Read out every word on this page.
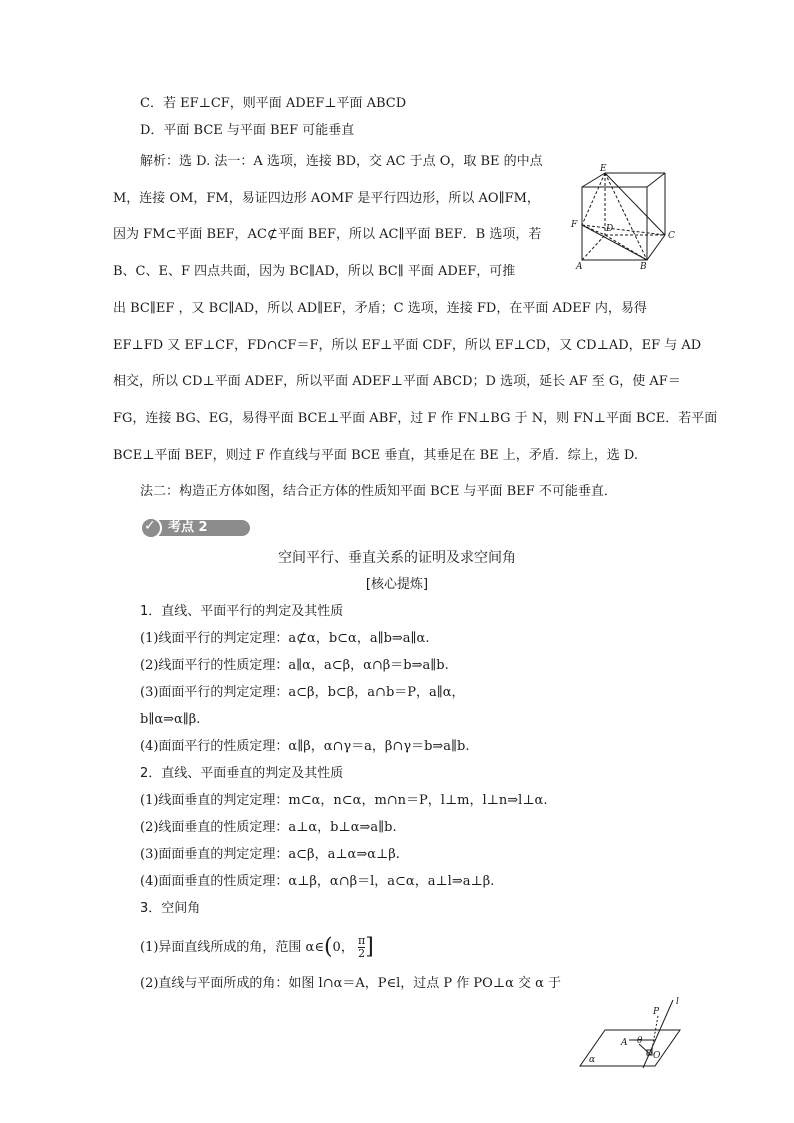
C．若 EF⊥CF，则平面 ADEF⊥平面 ABCD
D．平面 BCE 与平面 BEF 可能垂直
解析：选 D. 法一：A 选项，连接 BD，交 AC 于点 O，取 BE 的中点
M，连接 OM，FM，易证四边形 AOMF 是平行四边形，所以 AO∥FM，
因为 FM⊂平面 BEF，AC⊄平面 BEF，所以 AC∥平面 BEF．B 选项，若
B、C、E、F 四点共面，因为 BC∥AD，所以 BC∥ 平面 ADEF，可推
出 BC∥EF ，又 BC∥AD，所以 AD∥EF，矛盾；C 选项，连接 FD，在平面 ADEF 内，易得
EF⊥FD 又 EF⊥CF，FD∩CF＝F，所以 EF⊥平面 CDF，所以 EF⊥CD，又 CD⊥AD，EF 与 AD
相交，所以 CD⊥平面 ADEF，所以平面 ADEF⊥平面 ABCD；D 选项，延长 AF 至 G，使 AF＝
FG，连接 BG、EG，易得平面 BCE⊥平面 ABF，过 F 作 FN⊥BG 于 N，则 FN⊥平面 BCE．若平面
BCE⊥平面 BEF，则过 F 作直线与平面 BCE 垂直，其垂足在 BE 上，矛盾．综上，选 D.
法二：构造正方体如图，结合正方体的性质知平面 BCE 与平面 BEF 不可能垂直．
E
D
F
C
A	B
✓ 考点 2
空间平行、垂直关系的证明及求空间角
[核心提炼]
1．直线、平面平行的判定及其性质
(1)线面平行的判定定理：a⊄α，b⊂α，a∥b⇒a∥α.
(2)线面平行的性质定理：a∥α，a⊂β，α∩β＝b⇒a∥b.
(3)面面平行的判定定理：a⊂β，b⊂β，a∩b＝P，a∥α，
b∥α⇒α∥β.
(4)面面平行的性质定理：α∥β，α∩γ＝a，β∩γ＝b⇒a∥b.
2．直线、平面垂直的判定及其性质
(1)线面垂直的判定定理：m⊂α，n⊂α，m∩n＝P，l⊥m，l⊥n⇒l⊥α.
(2)线面垂直的性质定理：a⊥α，b⊥α⇒a∥b.
(3)面面垂直的判定定理：a⊂β，a⊥α⇒α⊥β.
(4)面面垂直的性质定理：α⊥β，α∩β＝l，a⊂α，a⊥l⇒a⊥β.
3．空间角
(1)异面直线所成的角，范围 α∈(0， $\frac{\pi}{2}$ ]
(2)直线与平面所成的角：如图 l∩α＝A，P∈l，过点 P 作 PO⊥α 交 α 于
P
l
A θ
O
α
